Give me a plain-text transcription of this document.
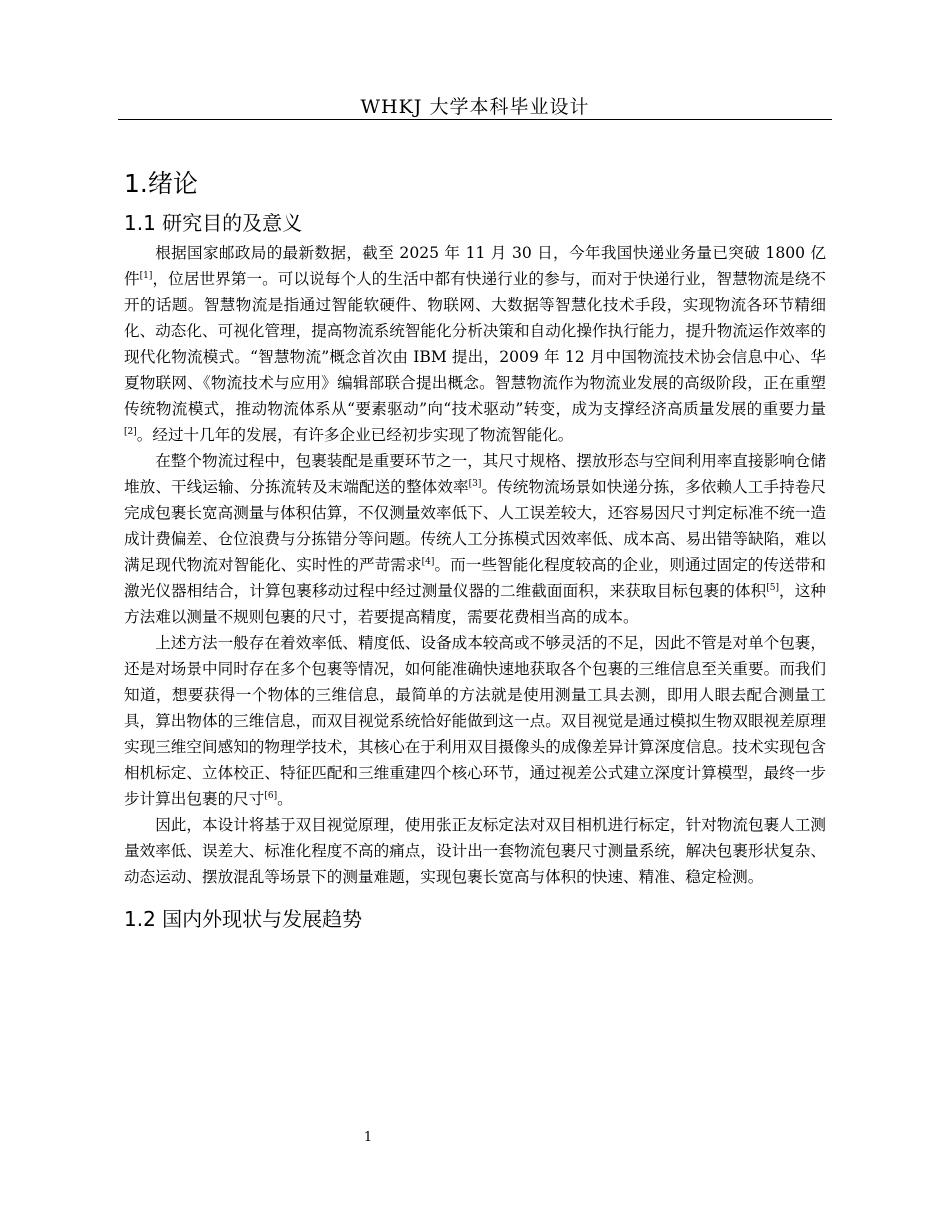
WHKJ 大学本科毕业设计
1.绪论
1.1 研究目的及意义

根据国家邮政局的最新数据，截至 2025 年 11 月 30 日，今年我国快递业务量已突破 1800 亿件[1]，位居世界第一。可以说每个人的生活中都有快递行业的参与，而对于快递行业，智慧物流是绕不开的话题。智慧物流是指通过智能软硬件、物联网、大数据等智慧化技术手段，实现物流各环节精细化、动态化、可视化管理，提高物流系统智能化分析决策和自动化操作执行能力，提升物流运作效率的现代化物流模式。“智慧物流”概念首次由 IBM 提出，2009 年 12 月中国物流技术协会信息中心、华夏物联网、《物流技术与应用》编辑部联合提出概念。智慧物流作为物流业发展的高级阶段，正在重塑传统物流模式，推动物流体系从“要素驱动”向“技术驱动”转变，成为支撑经济高质量发展的重要力量[2]。经过十几年的发展，有许多企业已经初步实现了物流智能化。

在整个物流过程中，包裹装配是重要环节之一，其尺寸规格、摆放形态与空间利用率直接影响仓储堆放、干线运输、分拣流转及末端配送的整体效率[3]。传统物流场景如快递分拣，多依赖人工手持卷尺完成包裹长宽高测量与体积估算，不仅测量效率低下、人工误差较大，还容易因尺寸判定标准不统一造成计费偏差、仓位浪费与分拣错分等问题。传统人工分拣模式因效率低、成本高、易出错等缺陷，难以满足现代物流对智能化、实时性的严苛需求[4]。而一些智能化程度较高的企业，则通过固定的传送带和激光仪器相结合，计算包裹移动过程中经过测量仪器的二维截面面积，来获取目标包裹的体积[5]，这种方法难以测量不规则包裹的尺寸，若要提高精度，需要花费相当高的成本。

上述方法一般存在着效率低、精度低、设备成本较高或不够灵活的不足，因此不管是对单个包裹，还是对场景中同时存在多个包裹等情况，如何能准确快速地获取各个包裹的三维信息至关重要。而我们知道，想要获得一个物体的三维信息，最简单的方法就是使用测量工具去测，即用人眼去配合测量工具，算出物体的三维信息，而双目视觉系统恰好能做到这一点。双目视觉是通过模拟生物双眼视差原理实现三维空间感知的物理学技术，其核心在于利用双目摄像头的成像差异计算深度信息。技术实现包含相机标定、立体校正、特征匹配和三维重建四个核心环节，通过视差公式建立深度计算模型，最终一步步计算出包裹的尺寸[6]。

因此，本设计将基于双目视觉原理，使用张正友标定法对双目相机进行标定，针对物流包裹人工测量效率低、误差大、标准化程度不高的痛点，设计出一套物流包裹尺寸测量系统，解决包裹形状复杂、动态运动、摆放混乱等场景下的测量难题，实现包裹长宽高与体积的快速、精准、稳定检测。

1.2 国内外现状与发展趋势
1
